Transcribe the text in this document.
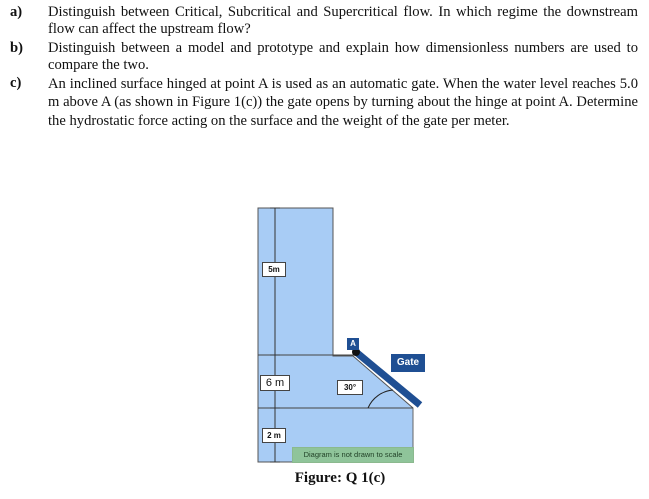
a)	Distinguish between Critical, Subcritical and Supercritical flow. In which regime the downstream flow can affect the upstream flow?
b)	Distinguish between a model and prototype and explain how dimensionless numbers are used to compare the two.
c)	An inclined surface hinged at point A is used as an automatic gate. When the water level reaches 5.0 m above A (as shown in Figure 1(c)) the gate opens by turning about the hinge at point A. Determine the hydrostatic force acting on the surface and the weight of the gate per meter.
5m
6 m
2 m
30°
A
Gate
Diagram is not drawn to scale
Figure: Q 1(c)
